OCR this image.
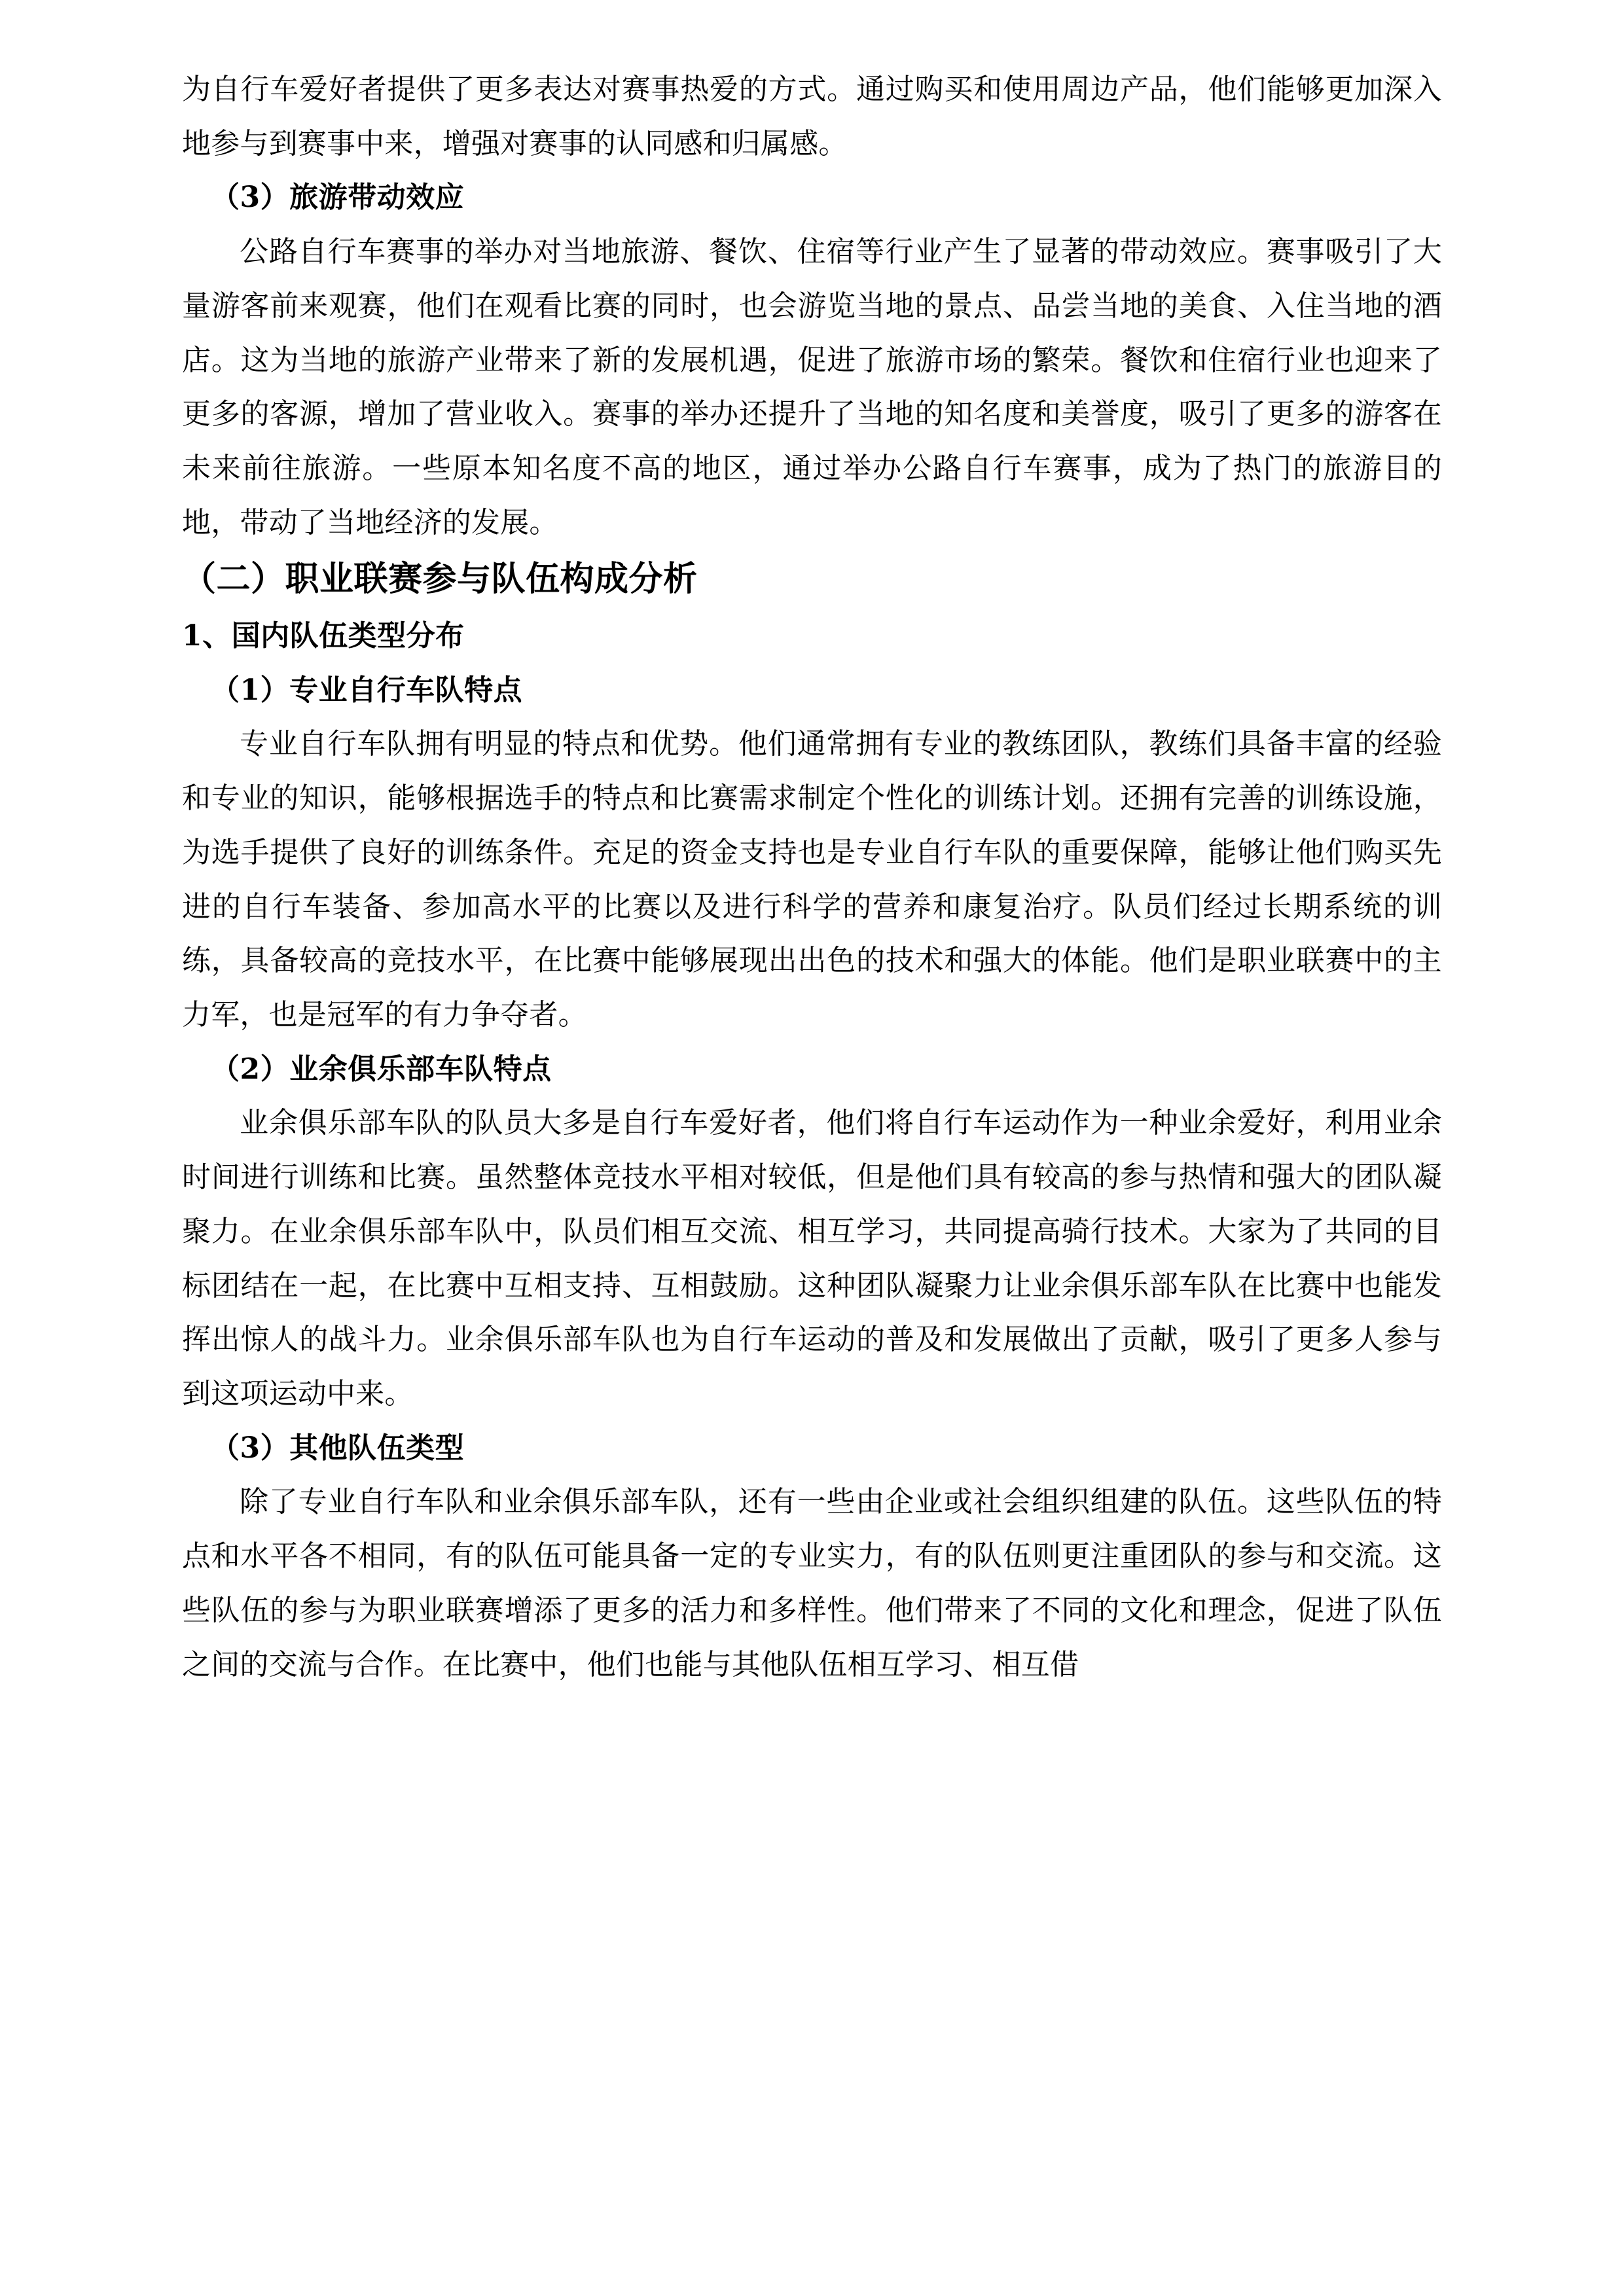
为自行车爱好者提供了更多表达对赛事热爱的方式。通过购买和使用周边产品，他们能够更加深入地参与到赛事中来，增强对赛事的认同感和归属感。

（3）旅游带动效应

公路自行车赛事的举办对当地旅游、餐饮、住宿等行业产生了显著的带动效应。赛事吸引了大量游客前来观赛，他们在观看比赛的同时，也会游览当地的景点、品尝当地的美食、入住当地的酒店。这为当地的旅游产业带来了新的发展机遇，促进了旅游市场的繁荣。餐饮和住宿行业也迎来了更多的客源，增加了营业收入。赛事的举办还提升了当地的知名度和美誉度，吸引了更多的游客在未来前往旅游。一些原本知名度不高的地区，通过举办公路自行车赛事，成为了热门的旅游目的地，带动了当地经济的发展。

（二）职业联赛参与队伍构成分析
1、国内队伍类型分布
（1）专业自行车队特点

专业自行车队拥有明显的特点和优势。他们通常拥有专业的教练团队，教练们具备丰富的经验和专业的知识，能够根据选手的特点和比赛需求制定个性化的训练计划。还拥有完善的训练设施，为选手提供了良好的训练条件。充足的资金支持也是专业自行车队的重要保障，能够让他们购买先进的自行车装备、参加高水平的比赛以及进行科学的营养和康复治疗。队员们经过长期系统的训练，具备较高的竞技水平，在比赛中能够展现出出色的技术和强大的体能。他们是职业联赛中的主力军，也是冠军的有力争夺者。

（2）业余俱乐部车队特点

业余俱乐部车队的队员大多是自行车爱好者，他们将自行车运动作为一种业余爱好，利用业余时间进行训练和比赛。虽然整体竞技水平相对较低，但是他们具有较高的参与热情和强大的团队凝聚力。在业余俱乐部车队中，队员们相互交流、相互学习，共同提高骑行技术。大家为了共同的目标团结在一起，在比赛中互相支持、互相鼓励。这种团队凝聚力让业余俱乐部车队在比赛中也能发挥出惊人的战斗力。业余俱乐部车队也为自行车运动的普及和发展做出了贡献，吸引了更多人参与到这项运动中来。

（3）其他队伍类型

除了专业自行车队和业余俱乐部车队，还有一些由企业或社会组织组建的队伍。这些队伍的特点和水平各不相同，有的队伍可能具备一定的专业实力，有的队伍则更注重团队的参与和交流。这些队伍的参与为职业联赛增添了更多的活力和多样性。他们带来了不同的文化和理念，促进了队伍之间的交流与合作。在比赛中，他们也能与其他队伍相互学习、相互借
